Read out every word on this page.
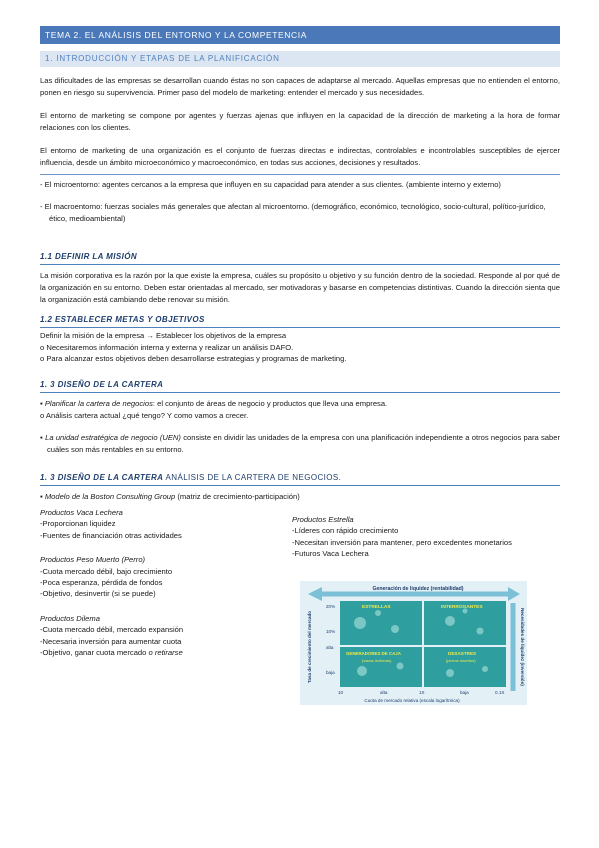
TEMA 2. EL ANÁLISIS DEL ENTORNO Y LA COMPETENCIA
1. INTRODUCCIÓN Y ETAPAS DE LA PLANIFICACIÓN

Las dificultades de las empresas se desarrollan cuando éstas no son capaces de adaptarse al mercado. Aquellas empresas que no entienden el entorno, ponen en riesgo su supervivencia. Primer paso del modelo de marketing: entender el mercado y sus necesidades.

El entorno de marketing se compone por agentes y fuerzas ajenas que influyen en la capacidad de la dirección de marketing a la hora de formar relaciones con los clientes.

El entorno de marketing de una organización es el conjunto de fuerzas directas e indirectas, controlables e incontrolables susceptibles de ejercer influencia, desde un ámbito microeconómico y macroeconómico, en todas sus acciones, decisiones y resultados.

- El microentorno: agentes cercanos a la empresa que influyen en su capacidad para atender a sus clientes. (ambiente interno y externo)

- El macroentorno: fuerzas sociales más generales que afectan al microentorno. (demográfico, económico, tecnológico, socio-cultural, político-jurídico, ético, medioambiental)

1.1 DEFINIR LA MISIÓN

La misión corporativa es la razón por la que existe la empresa, cuáles su propósito u objetivo y su función dentro de la sociedad. Responde al por qué de la organización en su entorno. Deben estar orientadas al mercado, ser motivadoras y basarse en competencias distintivas. Cuando la dirección sienta que la organización está cambiando debe renovar su misión.

1.2 ESTABLECER METAS Y OBJETIVOS

Definir la misión de la empresa → Establecer los objetivos de la empresa

o Necesitaremos información interna y externa y realizar un análisis DAFO.

o Para alcanzar estos objetivos deben desarrollarse estrategias y programas de marketing.

1. 3 DISEÑO DE LA CARTERA

▪ Planificar la cartera de negocios: el conjunto de áreas de negocio y productos que lleva una empresa.

o Análisis cartera actual ¿qué tengo? Y como vamos a crecer.

▪ La unidad estratégica de negocio (UEN) consiste en dividir las unidades de la empresa con una planificación independiente a otros negocios para saber cuáles son más rentables en su entorno.

1. 3 DISEÑO DE LA CARTERA ANÁLISIS DE LA CARTERA DE NEGOCIOS.

▪ Modelo de la Boston Consulting Group (matriz de crecimiento-participación)

Productos Vaca Lechera

-Proporcionan liquidez

-Fuentes de financiación otras actividades

Productos Peso Muerto (Perro)

-Cuota mercado débil, bajo crecimiento

-Poca esperanza, pérdida de fondos

-Objetivo, desinvertir (si se puede)

Productos Dilema

-Cuota mercado débil, mercado expansión

-Necesaria inversión para aumentar cuota

-Objetivo, ganar cuota mercado o retirarse

Productos Estrella

-Líderes con rápido crecimiento

-Necesitan inversión para mantener, pero excedentes monetarios

-Futuros Vaca Lechera

Generación de liquidez (rentabilidad)
Necesidades de liquidez (inversión)
Tasa de crecimiento del mercado
20%
10%
alta
baja
ESTRELLAS	INTERROGANTES
GENERADORES DE CAJA
(vacas lecheras)
DESASTRES
(perros muertos)
10	alta	1X	baja	0.1X
Cuota de mercado relativa (escala logarítmica)
